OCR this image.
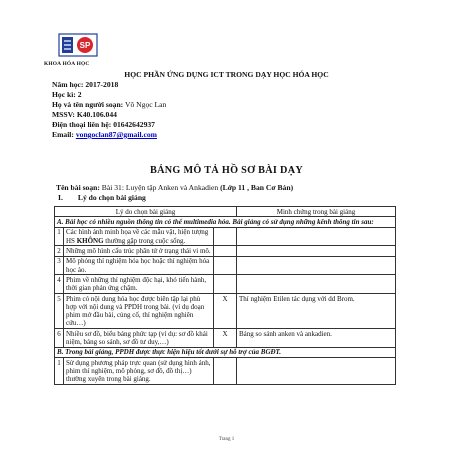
SP
KHOA HÓA HỌC
HỌC PHẦN ỨNG DỤNG ICT TRONG DẠY HỌC HÓA HỌC
Năm học: 2017-2018
Học kì: 2
Họ và tên người soạn: Võ Ngọc Lan
MSSV: K40.106.044
Điện thoại liên hệ: 01642642937
Email: vongoclan87@gmail.com
BẢNG MÔ TẢ HỒ SƠ BÀI DẠY
Tên bài soạn: Bài 31: Luyện tập Anken và Ankadien (Lớp 11 , Ban Cơ Bản)
I. Lý do chọn bài giảng
Lý do chọn bài giảng			Minh chứng trong bài giảng
A. Bài học có nhiều nguồn thông tin có thể multimedia hóa. Bài giảng có sử dụng những kênh thông tin sau:			
1	Các hình ảnh minh họa về các mẫu vật, hiện tượng HS KHÔNG thường gặp trong cuộc sống.		
2	Những mô hình cấu trúc phân tử ở trạng thái vi mô.		
3	Mô phỏng thí nghiệm hóa học hoặc thí nghiệm hóa học ảo.		
4	Phim về những thí nghiệm độc hại, khó tiến hành, thời gian phản ứng chậm.		
5	Phim có nội dung hóa học được biên tập lại phù hợp với nội dung và PPDH trong bài. (ví dụ đoạn phim mở đầu bài, củng cố, thí nghiệm nghiên cứu…)	X	Thí nghiệm Etilen tác dụng với dd Brom.
6	Nhiều sơ đồ, biểu bảng phức tạp (ví dụ: sơ đồ khái niệm, bảng so sánh, sơ đồ tư duy,…)	X	Bảng so sánh anken và ankadien.
B. Trong bài giảng, PPDH được thực hiện hiệu tốt dưới sự hỗ trợ của BGĐT.			
1	Sử dụng phương pháp trực quan (sử dụng hình ảnh, phim thí nghiệm, mô phỏng, sơ đồ, đồ thị…) thường xuyên trong bài giảng.		
Trang 1
